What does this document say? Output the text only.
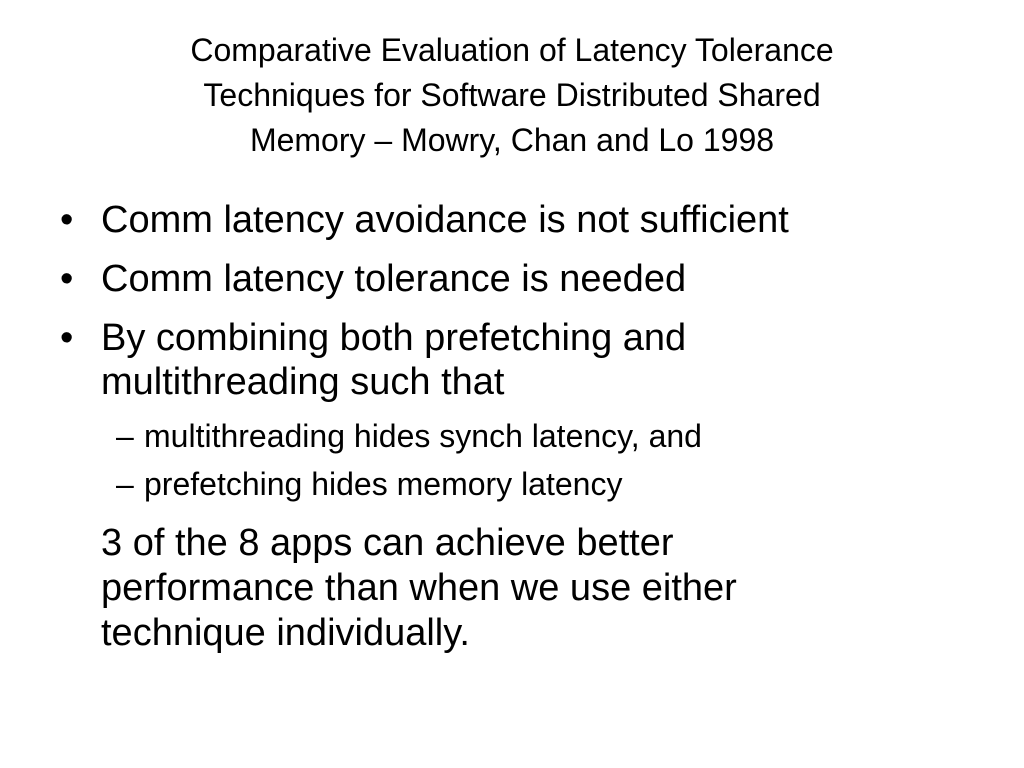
Comparative Evaluation of Latency Tolerance
Techniques for Software Distributed Shared
Memory – Mowry, Chan and Lo 1998
• Comm latency avoidance is not sufficient
• Comm latency tolerance is needed
• By combining both prefetching and
multithreading such that
– multithreading hides synch latency, and
– prefetching hides memory latency
3 of the 8 apps can achieve better
performance than when we use either
technique individually.
